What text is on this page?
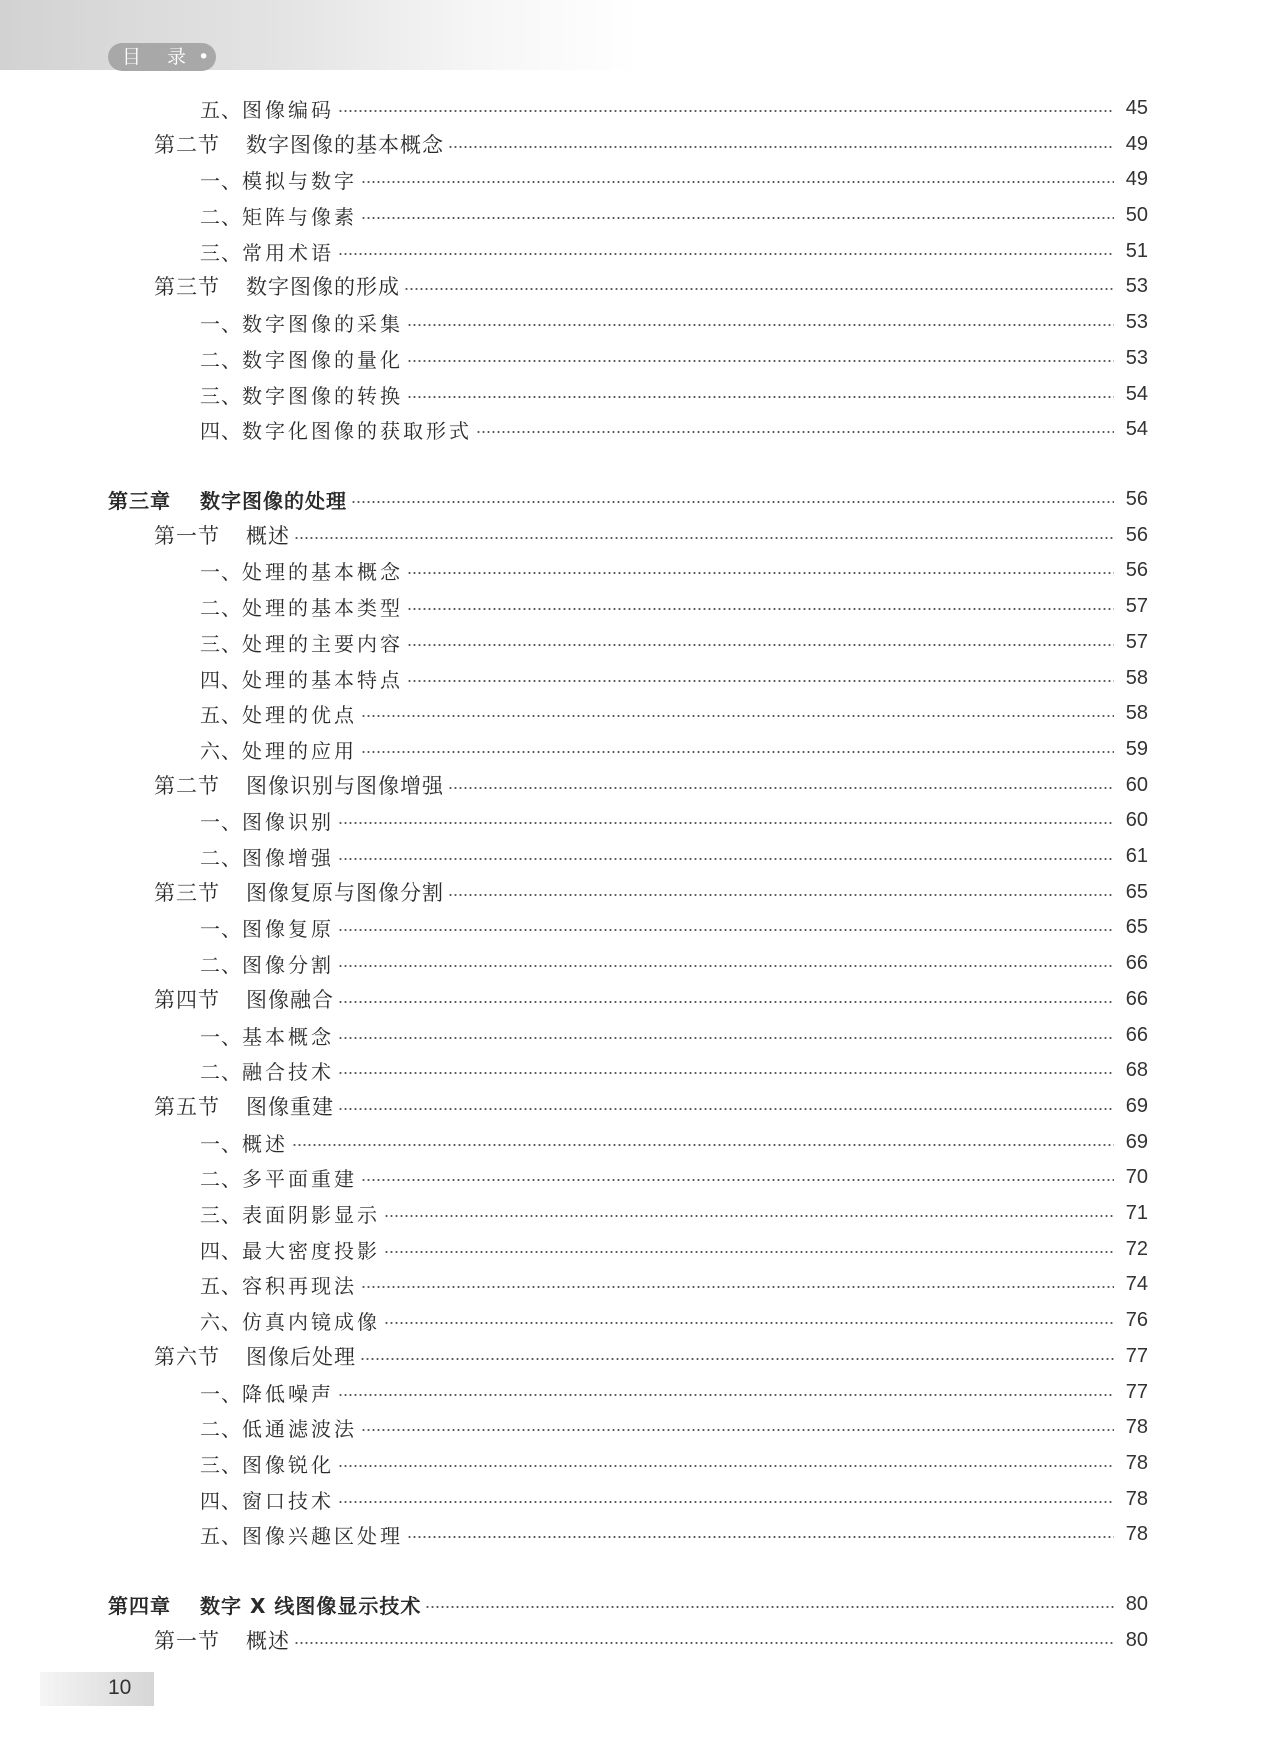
目 录 •
五、图像编码	45
第二节 数字图像的基本概念	49
一、模拟与数字	49
二、矩阵与像素	50
三、常用术语	51
第三节 数字图像的形成	53
一、数字图像的采集	53
二、数字图像的量化	53
三、数字图像的转换	54
四、数字化图像的获取形式	54
第三章 数字图像的处理	56
第一节 概述	56
一、处理的基本概念	56
二、处理的基本类型	57
三、处理的主要内容	57
四、处理的基本特点	58
五、处理的优点	58
六、处理的应用	59
第二节 图像识别与图像增强	60
一、图像识别	60
二、图像增强	61
第三节 图像复原与图像分割	65
一、图像复原	65
二、图像分割	66
第四节 图像融合	66
一、基本概念	66
二、融合技术	68
第五节 图像重建	69
一、概述	69
二、多平面重建	70
三、表面阴影显示	71
四、最大密度投影	72
五、容积再现法	74
六、仿真内镜成像	76
第六节 图像后处理	77
一、降低噪声	77
二、低通滤波法	78
三、图像锐化	78
四、窗口技术	78
五、图像兴趣区处理	78
第四章 数字 X 线图像显示技术	80
第一节 概述	80
10
